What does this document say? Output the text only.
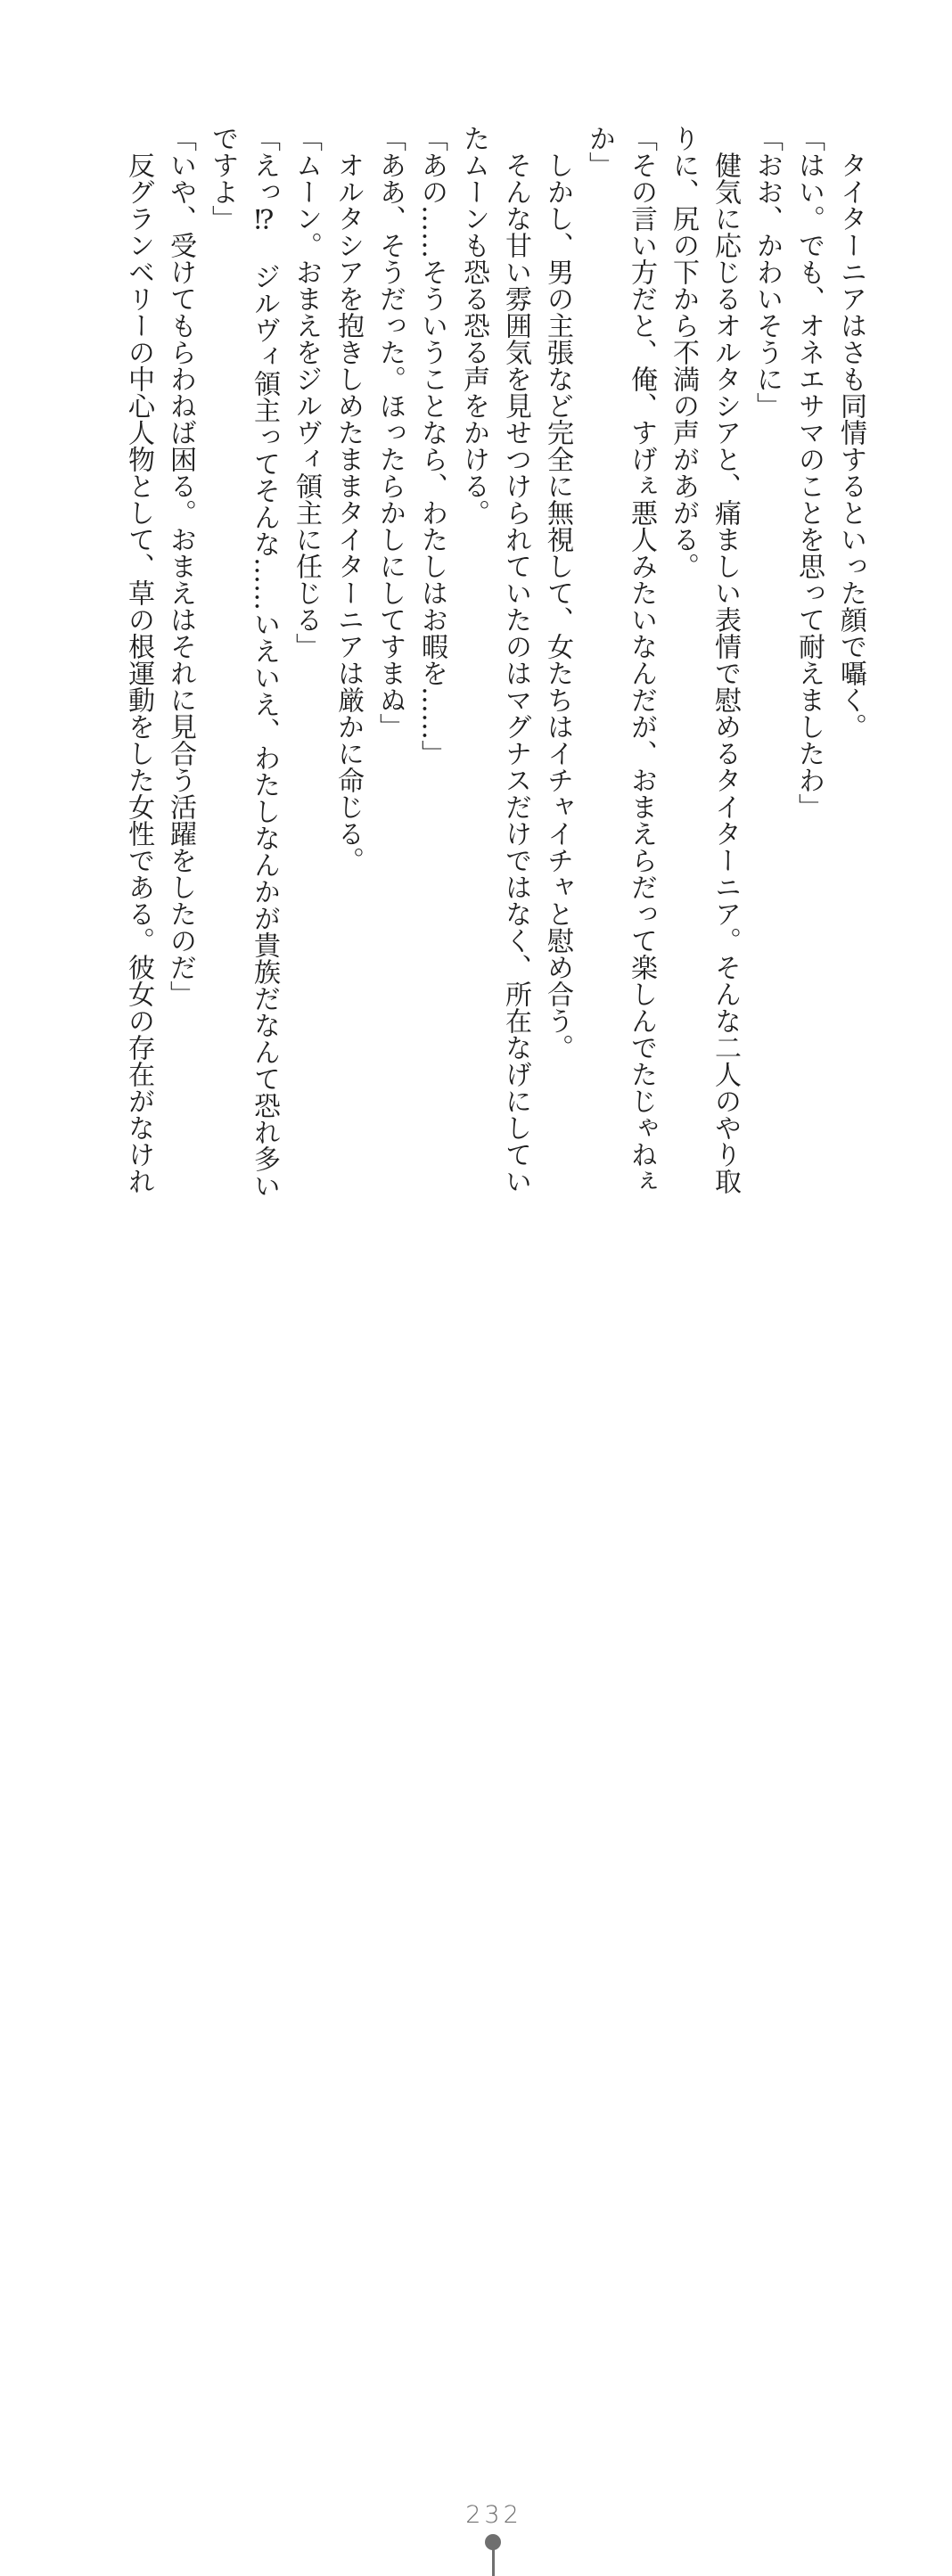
タイターニアはさも同情するといった顔で囁く。

「はい。でも、オネエサマのことを思って耐えましたわ」

「おお、かわいそうに」

健気に応じるオルタシアと、痛ましい表情で慰めるタイターニア。そんな二人のやり取りに、尻の下から不満の声があがる。

「その言い方だと、俺、すげぇ悪人みたいなんだが、おまえらだって楽しんでたじゃねぇか」

しかし、男の主張など完全に無視して、女たちはイチャイチャと慰め合う。

そんな甘い雰囲気を見せつけられていたのはマグナスだけではなく、所在なげにしていたムーンも恐る恐る声をかける。

「あの……そういうことなら、わたしはお暇を……」

「ああ、そうだった。ほったらかしにしてすまぬ」

オルタシアを抱きしめたままタイターニアは厳かに命じる。

「ムーン。おまえをジルヴィ領主に任じる」

「えっ⁉　ジルヴィ領主ってそんな……いえいえ、わたしなんかが貴族だなんて恐れ多いですよ」

「いや、受けてもらわねば困る。おまえはそれに見合う活躍をしたのだ」

反グランベリーの中心人物として、草の根運動をした女性である。彼女の存在がなけれ

232
